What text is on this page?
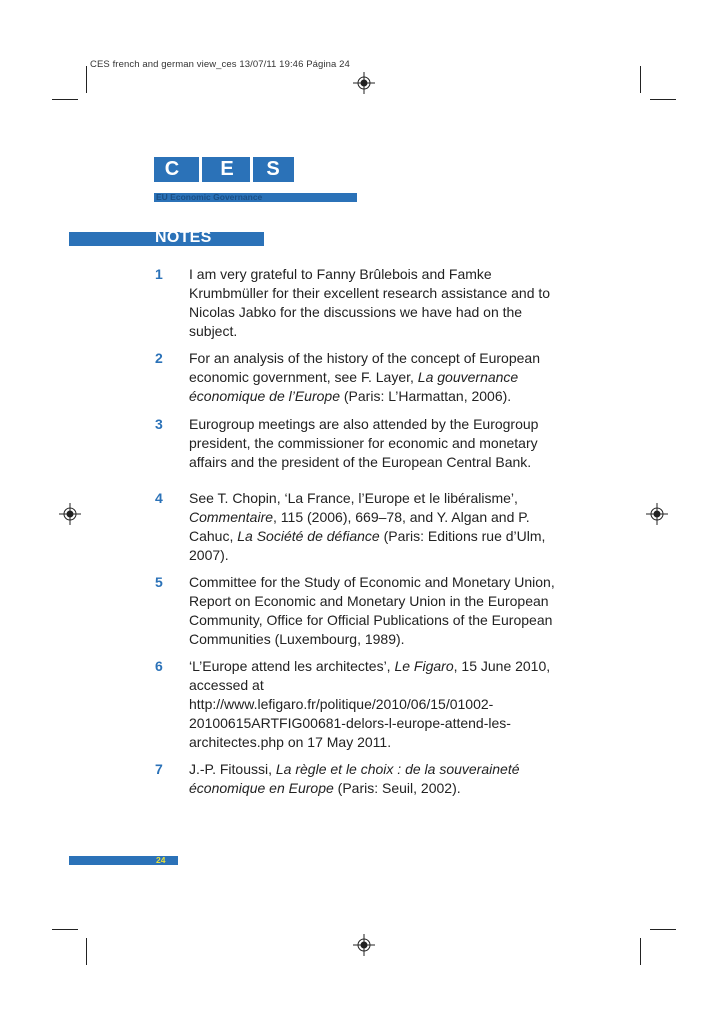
CES french and german view_ces 13/07/11 19:46 Página 24
C	E	S
EU Economic Governance
NOTES
1 I am very grateful to Fanny Brûlebois and Famke Krumbmüller for their excellent research assistance and to Nicolas Jabko for the discussions we have had on the subject.
2 For an analysis of the history of the concept of European economic government, see F. Layer, La gouvernance économique de l’Europe (Paris: L’Harmattan, 2006).
3 Eurogroup meetings are also attended by the Eurogroup president, the commissioner for economic and monetary affairs and the president of the European Central Bank.
4 See T. Chopin, ‘La France, l’Europe et le libéralisme’, Commentaire, 115 (2006), 669–78, and Y. Algan and P. Cahuc, La Société de défiance (Paris: Editions rue d’Ulm, 2007).
5 Committee for the Study of Economic and Monetary Union, Report on Economic and Monetary Union in the European Community, Office for Official Publications of the European Communities (Luxembourg, 1989).
6 ‘L’Europe attend les architectes’, Le Figaro, 15 June 2010, accessed at http://www.lefigaro.fr/politique/2010/06/15/01002-20100615ARTFIG00681-delors-l-europe-attend-les-architectes.php on 17 May 2011.
7 J.-P. Fitoussi, La règle et le choix : de la souveraineté économique en Europe (Paris: Seuil, 2002).
24
